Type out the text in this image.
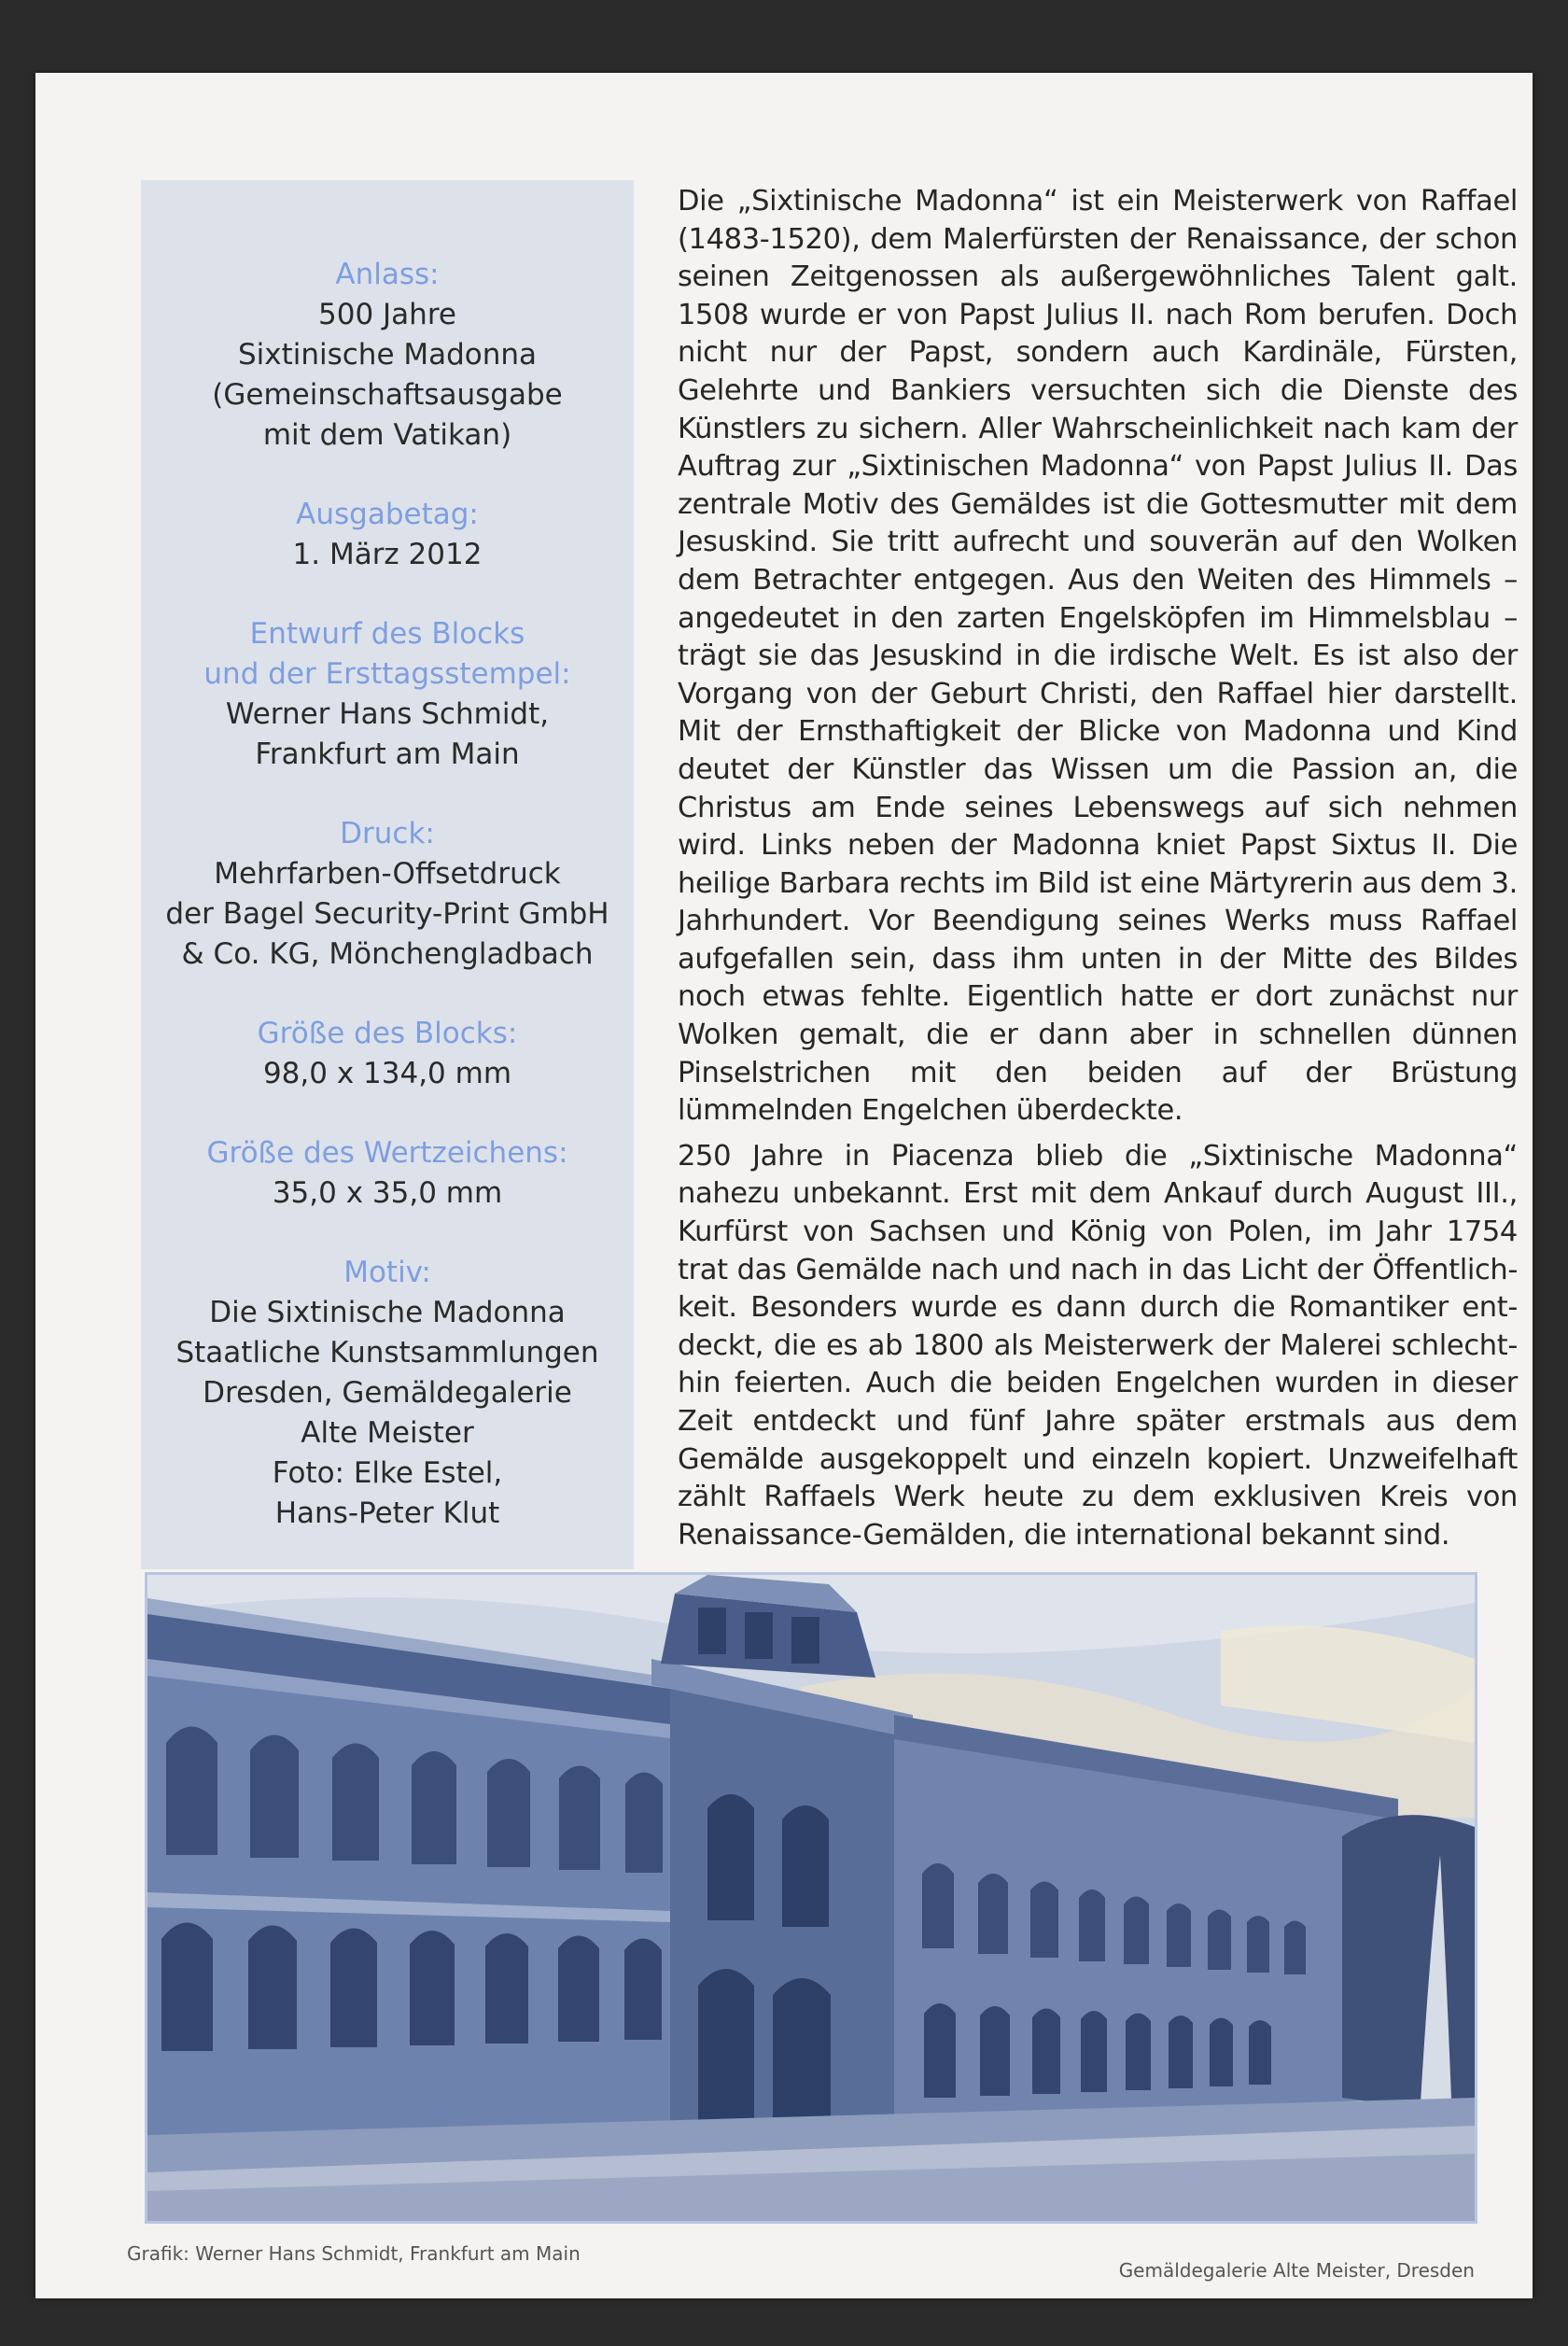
Anlass:
500 Jahre
Sixtinische Madonna
(Gemeinschaftsausgabe
mit dem Vatikan)
Ausgabetag:
1. März 2012
Entwurf des Blocks
und der Ersttagsstempel:
Werner Hans Schmidt,
Frankfurt am Main
Druck:
Mehrfarben-Offsetdruck
der Bagel Security-Print GmbH
& Co. KG, Mönchengladbach
Größe des Blocks:
98,0 x 134,0 mm
Größe des Wertzeichens:
35,0 x 35,0 mm
Motiv:
Die Sixtinische Madonna
Staatliche Kunstsammlungen
Dresden, Gemäldegalerie
Alte Meister
Foto: Elke Estel,
Hans-Peter Klut

Die „Sixtinische Madonna“ ist ein Meisterwerk von Raffael (1483-1520), dem Malerfürsten der Renaissance, der schon seinen Zeitgenossen als außergewöhnliches Talent galt. 1508 wurde er von Papst Julius II. nach Rom berufen. Doch nicht nur der Papst, sondern auch Kardinäle, Fürsten, Gelehrte und Bankiers versuchten sich die Dienste des Künstlers zu sichern. Aller Wahrscheinlichkeit nach kam der Auftrag zur „Sixtinischen Madonna“ von Papst Julius II. Das zentrale Motiv des Gemäldes ist die Gottesmutter mit dem Jesuskind. Sie tritt aufrecht und souverän auf den Wolken dem Betrachter entgegen. Aus den Weiten des Himmels – angedeutet in den zarten Engelsköpfen im Himmelsblau – trägt sie das Jesuskind in die irdische Welt. Es ist also der Vorgang von der Geburt Christi, den Raffael hier darstellt. Mit der Ernsthaftigkeit der Blicke von Madonna und Kind deutet der Künstler das Wissen um die Passion an, die Christus am Ende seines Lebenswegs auf sich nehmen wird. Links neben der Madonna kniet Papst Sixtus II. Die heilige Barbara rechts im Bild ist eine Märtyrerin aus dem 3. Jahrhundert. Vor Beendigung seines Werks muss Raffael aufgefallen sein, dass ihm unten in der Mitte des Bildes noch etwas fehlte. Eigentlich hatte er dort zunächst nur Wolken gemalt, die er dann aber in schnellen dünnen Pinselstrichen mit den beiden auf der Brüstung lümmelnden Engelchen überdeckte.

250 Jahre in Piacenza blieb die „Sixtinische Madonna“ nahezu unbekannt. Erst mit dem Ankauf durch August III., Kurfürst von Sachsen und König von Polen, im Jahr 1754 trat das Gemälde nach und nach in das Licht der Öffentlich-keit. Besonders wurde es dann durch die Romantiker ent-deckt, die es ab 1800 als Meisterwerk der Malerei schlecht-hin feierten. Auch die beiden Engelchen wurden in dieser Zeit entdeckt und fünf Jahre später erstmals aus dem Gemälde ausgekoppelt und einzeln kopiert. Unzweifelhaft zählt Raffaels Werk heute zu dem exklusiven Kreis von Renaissance-Gemälden, die international bekannt sind.

Grafik: Werner Hans Schmidt, Frankfurt am Main
Gemäldegalerie Alte Meister, Dresden
